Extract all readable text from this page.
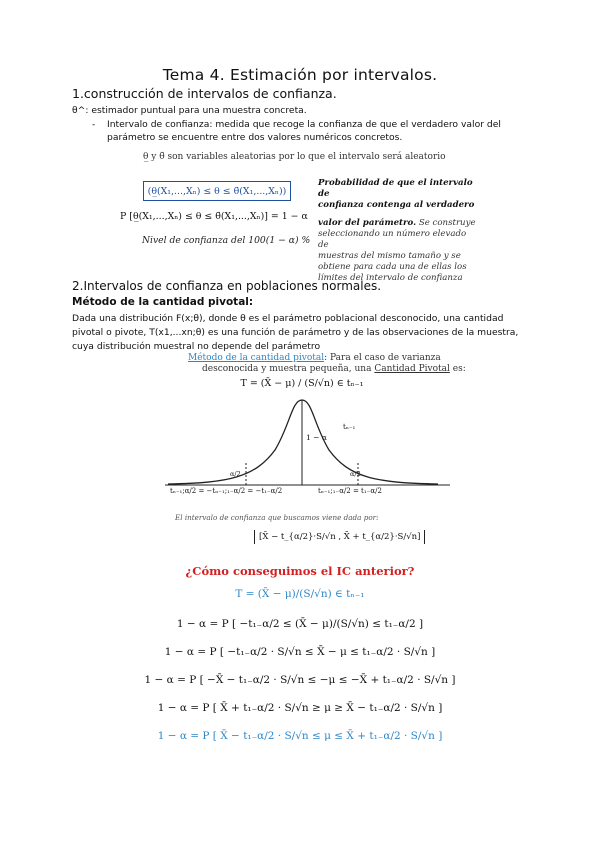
Tema 4. Estimación por intervalos.
1.construcción de intervalos de confianza.
θ^: estimador puntual para una muestra concreta.
- Intervalo de confianza: medida que recoge la confianza de que el verdadero valor del
parámetro se encuentre entre dos valores numéricos concretos.
θ̲ y θ̄ son variables aleatorias por lo que el intervalo será aleatorio
(θ̲(X₁,...,Xₙ) ≤ θ ≤ θ̄(X₁,...,Xₙ))
P [θ̲(X₁,...,Xₙ) ≤ θ ≤ θ̄(X₁,...,Xₙ)] = 1 − α
Nivel de confianza del 100(1 − α) %
Probabilidad de que el intervalo de
confianza contenga al verdadero
valor del parámetro. Se construye
seleccionando un número elevado de
muestras del mismo tamaño y se
obtiene para cada una de ellas los
límites del intervalo de confianza
2.Intervalos de confianza en poblaciones normales.
Método de la cantidad pivotal:
Dada una distribución F(x;θ), donde θ es el parámetro poblacional desconocido, una cantidad
pivotal o pivote, T(x1,...xn;θ) es una función de parámetro y de las observaciones de la muestra,
cuya distribución muestral no depende del parámetro
Método de la cantidad pivotal: Para el caso de varianza
desconocida y muestra pequeña, una Cantidad Pivotal es:
T = (X̄ − μ) / (S/√n) ∈ tₙ₋₁
1 − α
tₙ₋₁
α/2	α/2
tₙ₋₁;α/2 = −tₙ₋₁;₁₋α/2 = −t₁₋α/2	tₙ₋₁;₁₋α/2 = t₁₋α/2
El intervalo de confianza que buscamos viene dada por:
[X̄ − t_{α/2}·S/√n , X̄ + t_{α/2}·S/√n]
¿Cómo conseguimos el IC anterior?
T = (X̄ − μ)/(S/√n) ∈ tₙ₋₁
1 − α = P [ −t₁₋α/2 ≤ (X̄ − μ)/(S/√n) ≤ t₁₋α/2 ]
1 − α = P [ −t₁₋α/2 · S/√n ≤ X̄ − μ ≤ t₁₋α/2 · S/√n ]
1 − α = P [ −X̄ − t₁₋α/2 · S/√n ≤ −μ ≤ −X̄ + t₁₋α/2 · S/√n ]
1 − α = P [ X̄ + t₁₋α/2 · S/√n ≥ μ ≥ X̄ − t₁₋α/2 · S/√n ]
1 − α = P [ X̄ − t₁₋α/2 · S/√n ≤ μ ≤ X̄ + t₁₋α/2 · S/√n ]
